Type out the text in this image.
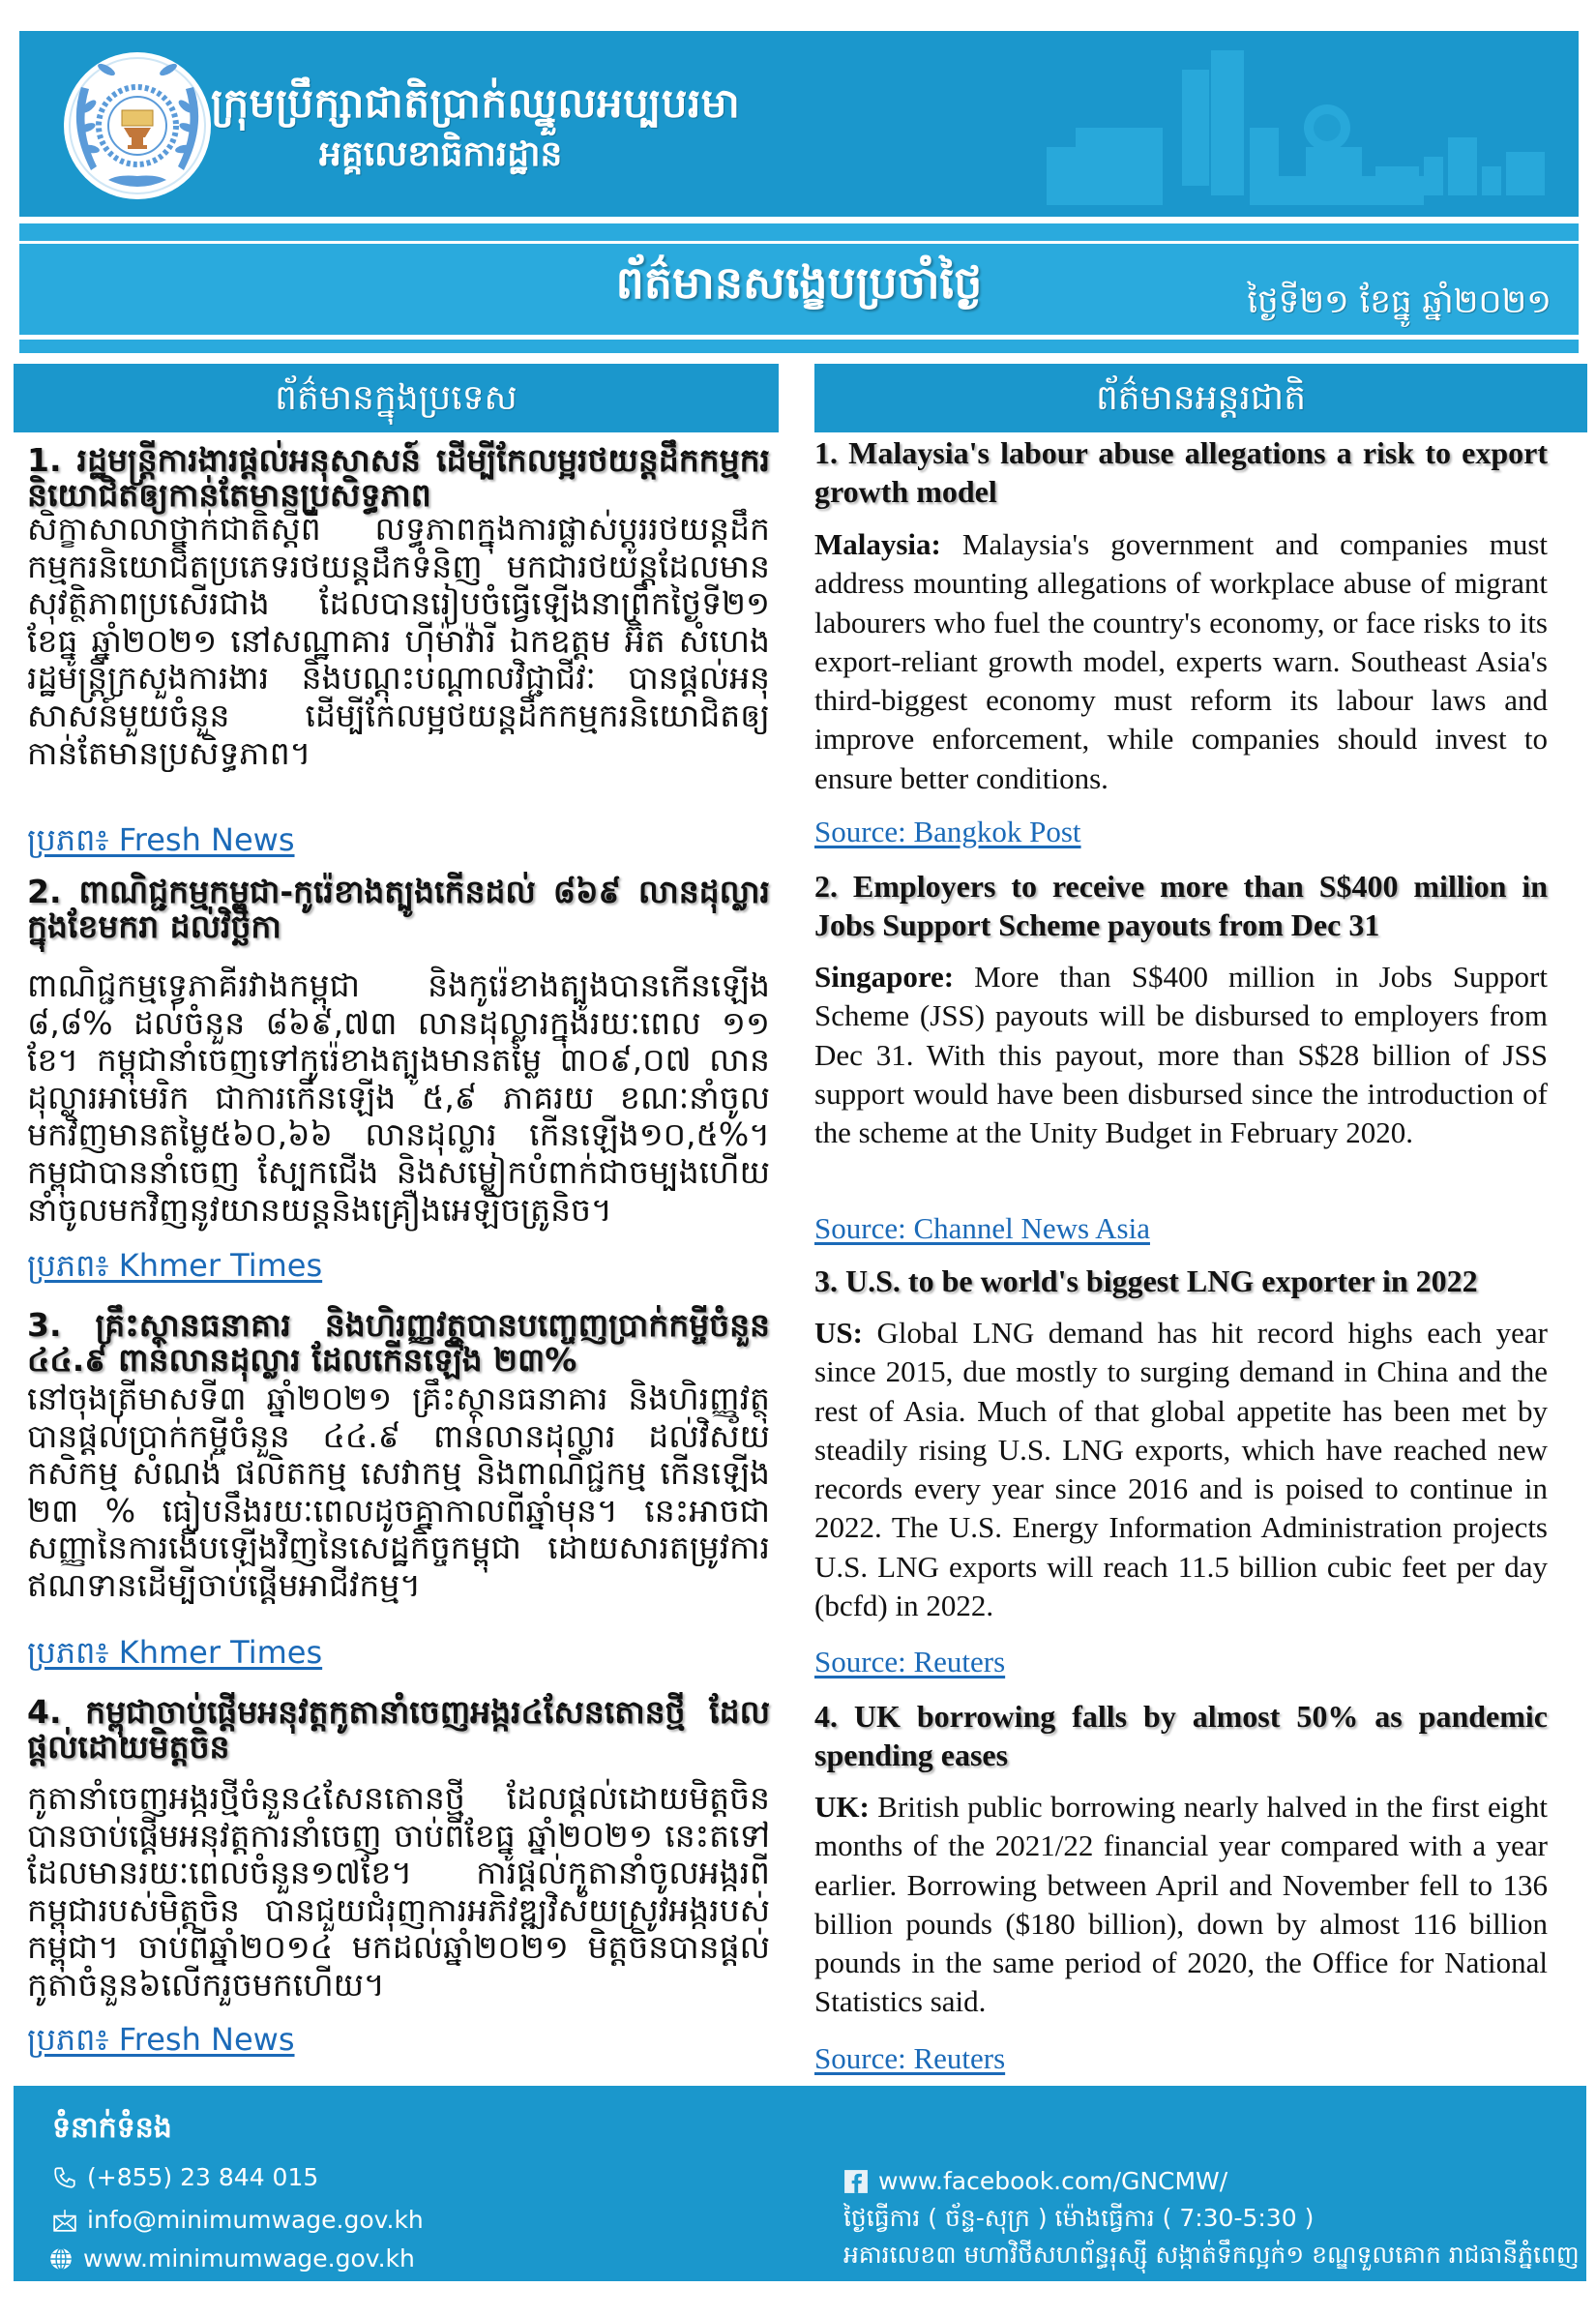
ក្រុមប្រឹក្សាជាតិប្រាក់ឈ្នួលអប្បបរមា
អគ្គលេខាធិការដ្ឋាន
ព័ត៌មានសង្ខេបប្រចាំថ្ងៃ	ថ្ងៃទី២១ ខែធ្នូ ឆ្នាំ២០២១
ព័ត៌មានក្នុងប្រទេស	ព័ត៌មានអន្តរជាតិ
1. រដ្ឋមន្ត្រីការងារផ្តល់អនុសាសន៍ ដើម្បីកែលម្អរថយន្តដឹកកម្មករនិយោជិតឲ្យកាន់តែមានប្រសិទ្ធភាព
សិក្ខាសាលាថ្នាក់ជាតិស្តីពី លទ្ធភាពក្នុងការផ្លាស់ប្តូររថយន្តដឹកកម្មករនិយោជិតប្រភេទរថយន្តដឹកទំនិញ មកជារថយន្តដែលមានសុវត្ថិភាពប្រសើរជាង ដែលបានរៀបចំធ្វើឡើងនាព្រឹកថ្ងៃទី២១ ខែធ្នូ ឆ្នាំ២០២១ នៅសណ្ឋាគារ ហ៊ីម៉ាវ៉ារី ឯកឧត្តម អ៊ិត សំហេង រដ្ឋមន្ត្រីក្រសួងការងារ និងបណ្តុះបណ្តាលវិជ្ជាជីវៈ បានផ្តល់អនុសាសន៍មួយចំនួន ដើម្បីកែលម្អថយន្តដឹកកម្មករនិយោជិតឲ្យកាន់តែមានប្រសិទ្ធភាព។
ប្រភព៖ Fresh News
2. ពាណិជ្ជកម្មកម្ពុជា-កូរ៉េខាងត្បូងកើនដល់ ៨៦៩ លានដុល្លារក្នុងខែមករា ដល់វិច្ឆិកា
ពាណិជ្ជកម្មទ្វេភាគីរវាងកម្ពុជា និងកូរ៉េខាងត្បូងបានកើនឡើង ៨,៨% ដល់ចំនួន ៨៦៩,៧៣ លានដុល្លារក្នុងរយៈពេល ១១ ខែ។ កម្ពុជានាំចេញទៅកូរ៉េខាងត្បូងមានតម្លៃ ៣០៩,០៧ លានដុល្លារអាមេរិក ជាការកើនឡើង ៥,៩ ភាគរយ ខណៈនាំចូលមកវិញមានតម្លៃ៥៦០,៦៦ លានដុល្លារ កើនឡើង១០,៥%។ កម្ពុជាបាននាំចេញ ស្បែកជើង និងសម្លៀកបំពាក់ជាចម្បងហើយនាំចូលមកវិញនូវយានយន្តនិងគ្រឿងអេឡិចត្រូនិច។
ប្រភព៖ Khmer Times
3. គ្រឹះស្ថានធនាគារ និងហិរញ្ញវត្ថុបានបញ្ចេញប្រាក់កម្ចីចំនួន ៤៤.៩ ពាន់លានដុល្លារ ដែលកើនឡើង ២៣%
នៅចុងត្រីមាសទី៣ ឆ្នាំ២០២១ គ្រឹះស្ថានធនាគារ និងហិរញ្ញវត្ថុបានផ្តល់ប្រាក់កម្ចីចំនួន ៤៤.៩ ពាន់លានដុល្លារ ដល់វិស័យកសិកម្ម សំណង់ ផលិតកម្ម សេវាកម្ម និងពាណិជ្ជកម្ម កើនឡើង ២៣ % ធៀបនឹងរយៈពេលដូចគ្នាកាលពីឆ្នាំមុន។ នេះអាចជាសញ្ញានៃការងើបឡើងវិញនៃសេដ្ឋកិច្ចកម្ពុជា ដោយសារតម្រូវការឥណទានដើម្បីចាប់ផ្តើមអាជីវកម្ម។
ប្រភព៖ Khmer Times
4. កម្ពុជាចាប់ផ្តើមអនុវត្តកូតានាំចេញអង្ករ៤សែនតោនថ្មី ដែលផ្តល់ដោយមិត្តចិន
កូតានាំចេញអង្ករថ្មីចំនួន៤សែនតោនថ្មី ដែលផ្តល់ដោយមិត្តចិន បានចាប់ផ្តើមអនុវត្តការនាំចេញ ចាប់ពីខែធ្នូ ឆ្នាំ២០២១ នេះតទៅ ដែលមានរយៈពេលចំនួន១៧ខែ។ ការផ្តល់កូតានាំចូលអង្ករពីកម្ពុជារបស់មិត្តចិន បានជួយជំរុញការអភិវឌ្ឍវិស័យស្រូវអង្ករបស់កម្ពុជា។ ចាប់ពីឆ្នាំ២០១៤ មកដល់ឆ្នាំ២០២១ មិត្តចិនបានផ្តល់កូតាចំនួន៦លើករួចមកហើយ។
ប្រភព៖ Fresh News
1. Malaysia's labour abuse allegations a risk to export growth model
Malaysia: Malaysia's government and companies must address mounting allegations of workplace abuse of migrant labourers who fuel the country's economy, or face risks to its export-reliant growth model, experts warn. Southeast Asia's third-biggest economy must reform its labour laws and improve enforcement, while companies should invest to ensure better conditions.
Source: Bangkok Post
2. Employers to receive more than S$400 million in Jobs Support Scheme payouts from Dec 31
Singapore: More than S$400 million in Jobs Support Scheme (JSS) payouts will be disbursed to employers from Dec 31. With this payout, more than S$28 billion of JSS support would have been disbursed since the introduction of the scheme at the Unity Budget in February 2020.
Source: Channel News Asia
3. U.S. to be world's biggest LNG exporter in 2022
US: Global LNG demand has hit record highs each year since 2015, due mostly to surging demand in China and the rest of Asia. Much of that global appetite has been met by steadily rising U.S. LNG exports, which have reached new records every year since 2016 and is poised to continue in 2022. The U.S. Energy Information Administration projects U.S. LNG exports will reach 11.5 billion cubic feet per day (bcfd) in 2022.
Source: Reuters
4. UK borrowing falls by almost 50% as pandemic spending eases
UK: British public borrowing nearly halved in the first eight months of the 2021/22 financial year compared with a year earlier. Borrowing between April and November fell to 136 billion pounds ($180 billion), down by almost 116 billion pounds in the same period of 2020, the Office for National Statistics said.
Source: Reuters
ទំនាក់ទំនង
(+855) 23 844 015
info@minimumwage.gov.kh
www.minimumwage.gov.kh
www.facebook.com/GNCMW/
ថ្ងៃធ្វើការ ( ច័ន្ទ-សុក្រ ) ម៉ោងធ្វើការ ( 7:30-5:30 )
អគារលេខ៣ មហាវិថីសហព័ន្ធរុស្ស៊ី សង្កាត់ទឹកល្អក់១ ខណ្ឌទួលគោក រាជធានីភ្នំពេញ
